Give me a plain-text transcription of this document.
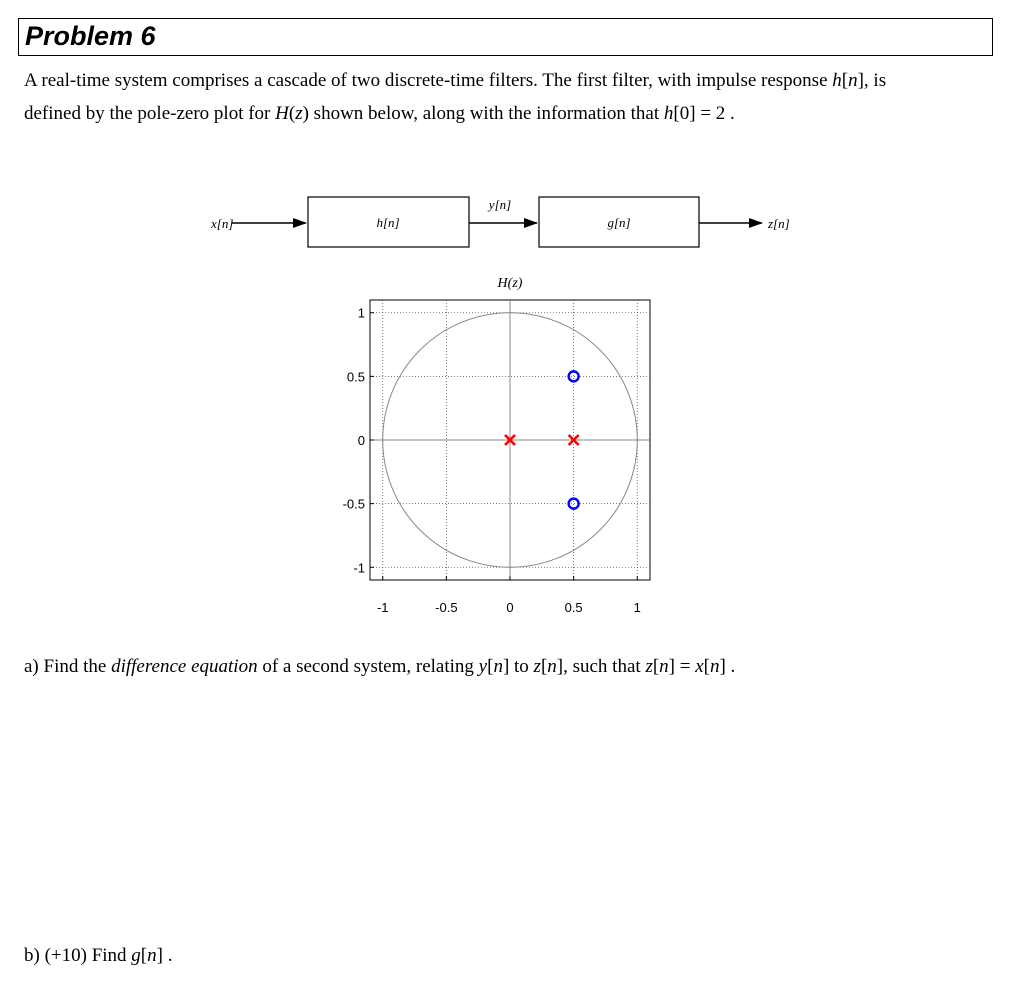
Problem 6
A real-time system comprises a cascade of two discrete-time filters. The first filter, with impulse response h[n], is
defined by the pole-zero plot for H(z) shown below, along with the information that h[0] = 2 .
x[n]	h[n]
y[n]
g[n]	z[n]
H(z)
-1	-0.5	0	0.5	1
1
0.5
0
-0.5
-1
a) Find the difference equation of a second system, relating y[n] to z[n], such that z[n] = x[n] .
b) (+10) Find g[n] .
